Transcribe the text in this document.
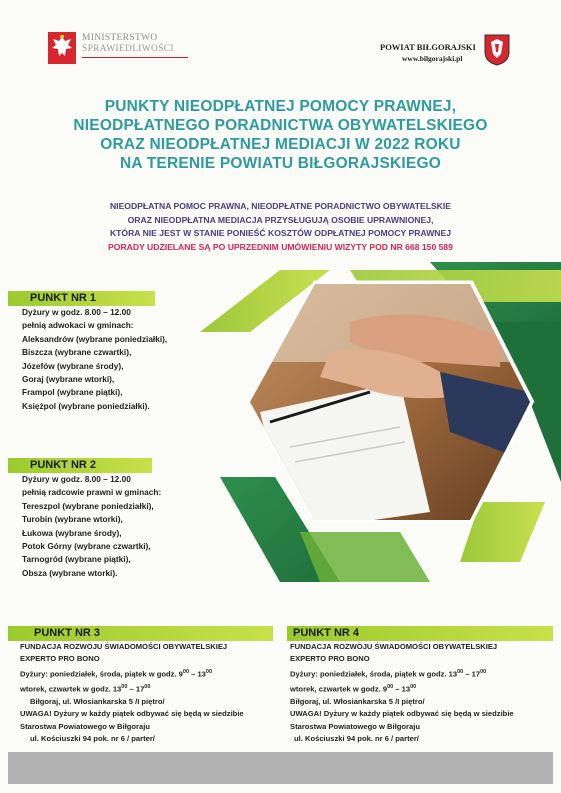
MINISTERSTWO
SPRAWIEDLIWOŚCI	POWIAT BIŁGORAJSKI
www.bilgorajski.pl
PUNKTY NIEODPŁATNEJ POMOCY PRAWNEJ,
NIEODPŁATNEGO PORADNICTWA OBYWATELSKIEGO
ORAZ NIEODPŁATNEJ MEDIACJI W 2022 ROKU
NA TERENIE POWIATU BIŁGORAJSKIEGO
NIEODPŁATNA POMOC PRAWNA, NIEODPŁATNE PORADNICTWO OBYWATELSKIE
ORAZ NIEODPŁATNA MEDIACJA PRZYSŁUGUJĄ OSOBIE UPRAWNIONEJ,
KTÓRA NIE JEST W STANIE PONIEŚĆ KOSZTÓW ODPŁATNEJ POMOCY PRAWNEJ
PORADY UDZIELANE SĄ PO UPRZEDNIM UMÓWIENIU WIZYTY POD NR 668 150 589
PUNKT NR 1
Dyżury w godz. 8.00 – 12.00
pełnią adwokaci w gminach:
Aleksandrów (wybrane poniedziałki),
Biszcza (wybrane czwartki),
Józefów (wybrane środy),
Goraj (wybrane wtorki),
Frampol (wybrane piątki),
Księżpol (wybrane poniedziałki).
PUNKT NR 2
Dyżury w godz. 8.00 – 12.00
pełnią radcowie prawni w gminach:
Tereszpol (wybrane poniedziałki),
Turobin (wybrane wtorki),
Łukowa (wybrane środy),
Potok Górny (wybrane czwartki),
Tarnogród (wybrane piątki),
Obsza (wybrane wtorki).
PUNKT NR 3
FUNDACJA ROZWOJU ŚWIADOMOŚCI OBYWATELSKIEJ
EXPERTO PRO BONO
Dyżury: poniedziałek, środa, piątek w godz. $9^{00} - 13^{00}$
wtorek, czwartek w godz. $13^{00} - 17^{00}$
Biłgoraj, ul. Włosiankarska 5 /I piętro/
UWAGA! Dyżury w każdy piątek odbywać się będą w siedzibie
Starostwa Powiatowego w Biłgoraju
ul. Kościuszki 94 pok. nr 6 / parter/
PUNKT NR 4
FUNDACJA ROZWOJU ŚWIADOMOŚCI OBYWATELSKIEJ
EXPERTO PRO BONO
Dyżury: poniedziałek, środa, piątek w godz. $13^{00} - 17^{00}$
wtorek, czwartek w godz. $9^{00} - 13^{00}$
Biłgoraj, ul. Włosiankarska 5 /I piętro/
UWAGA! Dyżury w każdy piątek odbywać się będą w siedzibie
Starostwa Powiatowego w Biłgoraju
ul. Kościuszki 94 pok. nr 6 / parter/
